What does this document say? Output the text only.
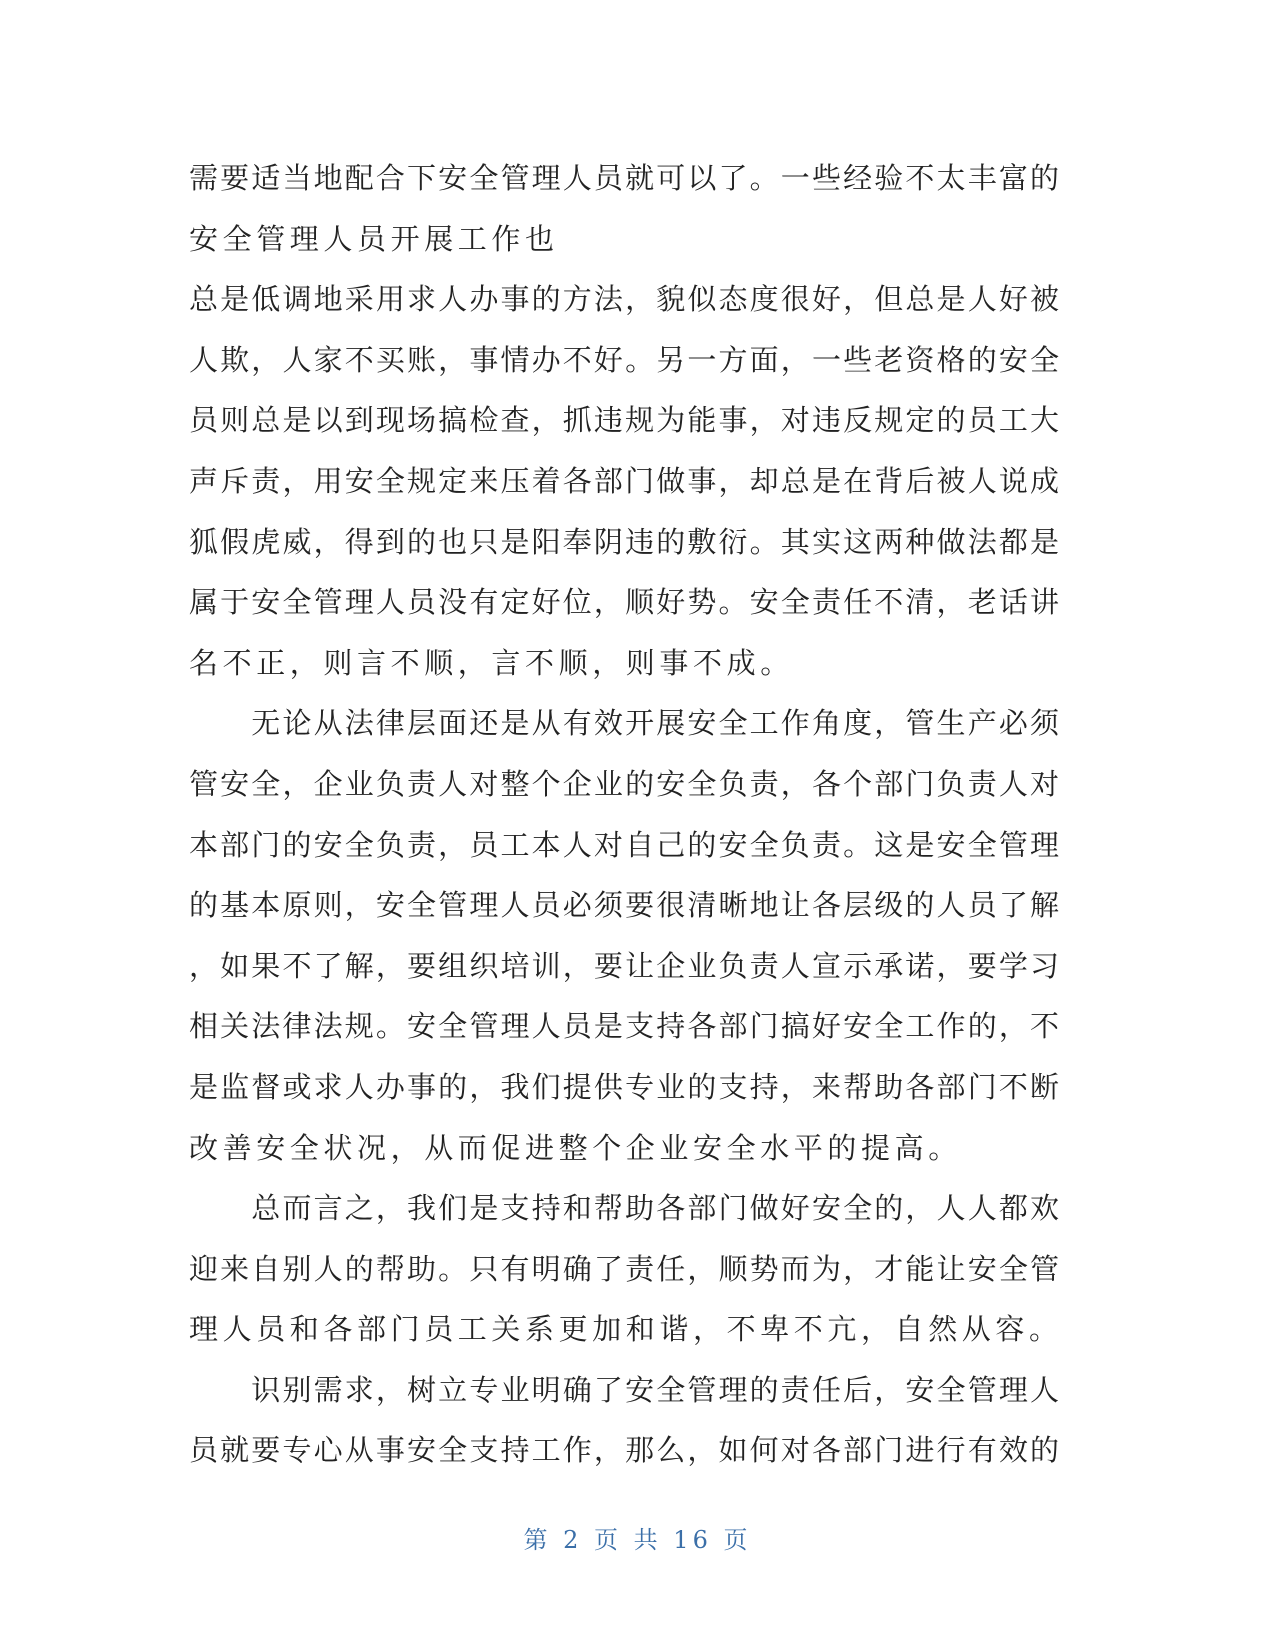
需要适当地配合下安全管理人员就可以了。一些经验不太丰富的
安全管理人员开展工作也
总是低调地采用求人办事的方法，貌似态度很好，但总是人好被
人欺，人家不买账，事情办不好。另一方面，一些老资格的安全
员则总是以到现场搞检查，抓违规为能事，对违反规定的员工大
声斥责，用安全规定来压着各部门做事，却总是在背后被人说成
狐假虎威，得到的也只是阳奉阴违的敷衍。其实这两种做法都是
属于安全管理人员没有定好位，顺好势。安全责任不清，老话讲
名不正，则言不顺，言不顺，则事不成。
　　无论从法律层面还是从有效开展安全工作角度，管生产必须
管安全，企业负责人对整个企业的安全负责，各个部门负责人对
本部门的安全负责，员工本人对自己的安全负责。这是安全管理
的基本原则，安全管理人员必须要很清晰地让各层级的人员了解
，如果不了解，要组织培训，要让企业负责人宣示承诺，要学习
相关法律法规。安全管理人员是支持各部门搞好安全工作的，不
是监督或求人办事的，我们提供专业的支持，来帮助各部门不断
改善安全状况，从而促进整个企业安全水平的提高。
　　总而言之，我们是支持和帮助各部门做好安全的，人人都欢
迎来自别人的帮助。只有明确了责任，顺势而为，才能让安全管
理人员和各部门员工关系更加和谐，不卑不亢，自然从容。
　　识别需求，树立专业明确了安全管理的责任后，安全管理人
员就要专心从事安全支持工作，那么，如何对各部门进行有效的
第 2 页 共 16 页
